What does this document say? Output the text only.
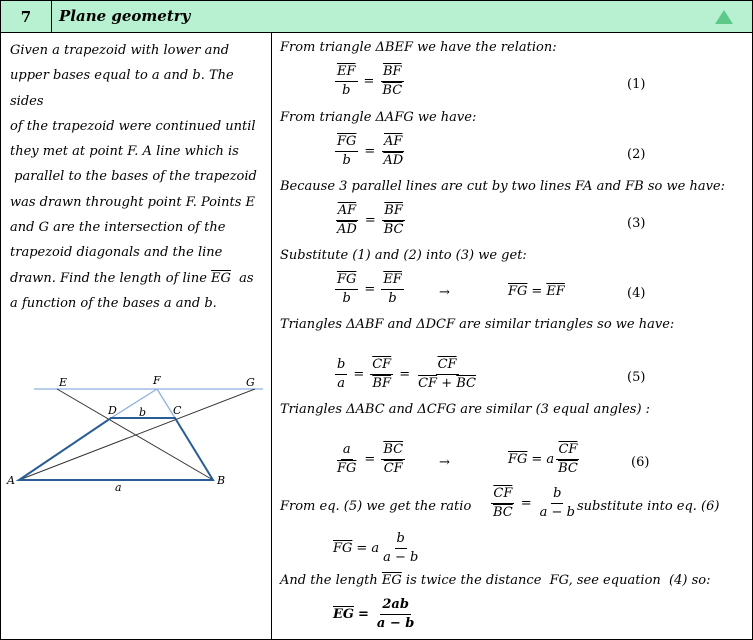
7	Plane geometry
Given a trapezoid with lower and
upper bases equal to a and b. The sides
of the trapezoid were continued until
they met at point F. A line which is
parallel to the bases of the trapezoid
was drawn throught point F. Points E
and G are the intersection of the
trapezoid diagonals and the line
drawn. Find the length of line $\overline{EG}$  as
a function of the bases a and b.
E	F	G
D b C
A
a
B
From triangle ΔBEF we have the relation:
$\frac{\overline{EF}}{b} = \frac{\overline{BF}}{BC}$	(1)
From triangle ΔAFG we have:
$\frac{\overline{FG}}{b} = \frac{\overline{AF}}{AD}$	(2)
Because 3 parallel lines are cut by two lines FA and FB so we have:
$\frac{\overline{AF}}{AD} = \frac{\overline{BF}}{BC}$	(3)
Substitute (1) and (2) into (3) we get:
$\frac{\overline{FG}}{b} = \frac{\overline{EF}}{b}$	→	$\overline{FG} = \overline{EF}$	(4)
Triangles ΔABF and ΔDCF are similar triangles so we have:
$\frac{b}{a} = \frac{\overline{CF}}{BF} = \frac{\overline{CF}}{\overline{CF} + \overline{BC}}$	(5)
Triangles ΔABC and ΔCFG are similar (3 equal angles) :
$\frac{a}{FG} = \frac{\overline{BC}}{CF}$	→	$\overline{FG} = a \frac{\overline{CF}}{BC}$	(6)
From eq. (5) we get the ratio $\frac{\overline{CF}}{BC} = \frac{b}{a - b}$ substitute into eq. (6)
$\overline{FG} = a \frac{b}{a - b}$
And the length $\overline{EG}$ is twice the distance  FG, see equation  (4) so:
$\overline{EG} = \frac{2ab}{a - b}$
